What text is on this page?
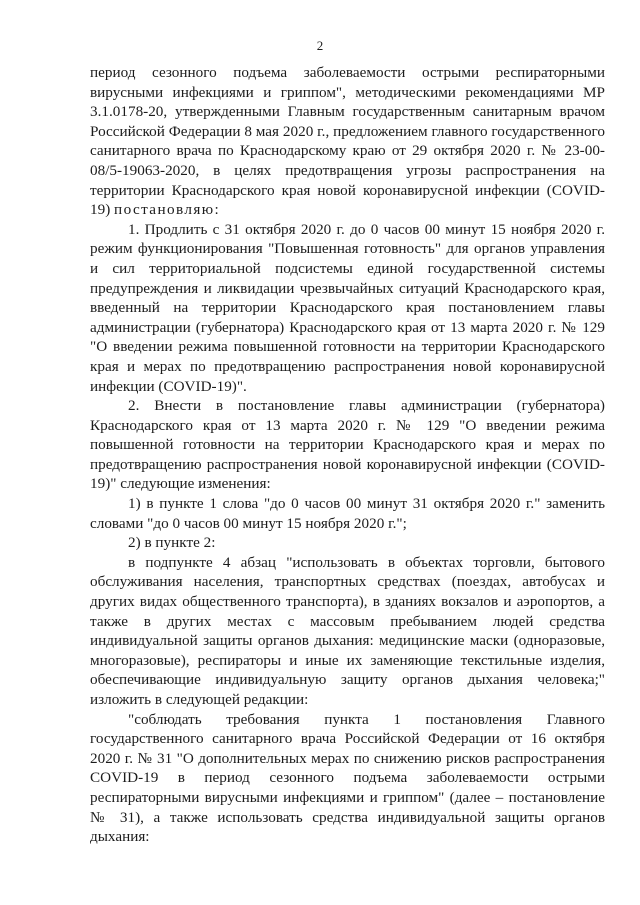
2

период сезонного подъема заболеваемости острыми респираторными вирусными инфекциями и гриппом", методическими рекомендациями МР 3.1.0178-20, утвержденными Главным государственным санитарным врачом Российской Федерации 8 мая 2020 г., предложением главного государственного санитарного врача по Краснодарскому краю от 29 октября 2020 г. № 23-00-08/5-19063-2020, в целях предотвращения угрозы распространения на территории Краснодарского края новой коронавирусной инфекции (COVID-19) постановляю:

1. Продлить с 31 октября 2020 г. до 0 часов 00 минут 15 ноября 2020 г. режим функционирования "Повышенная готовность" для органов управления и сил территориальной подсистемы единой государственной системы предупреждения и ликвидации чрезвычайных ситуаций Краснодарского края, введенный на территории Краснодарского края постановлением главы администрации (губернатора) Краснодарского края от 13 марта 2020 г. № 129 "О введении режима повышенной готовности на территории Краснодарского края и мерах по предотвращению распространения новой коронавирусной инфекции (COVID-19)".

2. Внести в постановление главы администрации (губернатора) Краснодарского края от 13 марта 2020 г. № 129 "О введении режима повышенной готовности на территории Краснодарского края и мерах по предотвращению распространения новой коронавирусной инфекции (COVID-19)" следующие изменения:

1) в пункте 1 слова "до 0 часов 00 минут 31 октября 2020 г." заменить словами "до 0 часов 00 минут 15 ноября 2020 г.";

2) в пункте 2:

в подпункте 4 абзац "использовать в объектах торговли, бытового обслуживания населения, транспортных средствах (поездах, автобусах и других видах общественного транспорта), в зданиях вокзалов и аэропортов, а также в других местах с массовым пребыванием людей средства индивидуальной защиты органов дыхания: медицинские маски (одноразовые, многоразовые), респираторы и иные их заменяющие текстильные изделия, обеспечивающие индивидуальную защиту органов дыхания человека;" изложить в следующей редакции:

"соблюдать требования пункта 1 постановления Главного государственного санитарного врача Российской Федерации от 16 октября 2020 г. № 31 "О дополнительных мерах по снижению рисков распространения COVID-19 в период сезонного подъема заболеваемости острыми респираторными вирусными инфекциями и гриппом" (далее – постановление № 31), а также использовать средства индивидуальной защиты органов дыхания:
